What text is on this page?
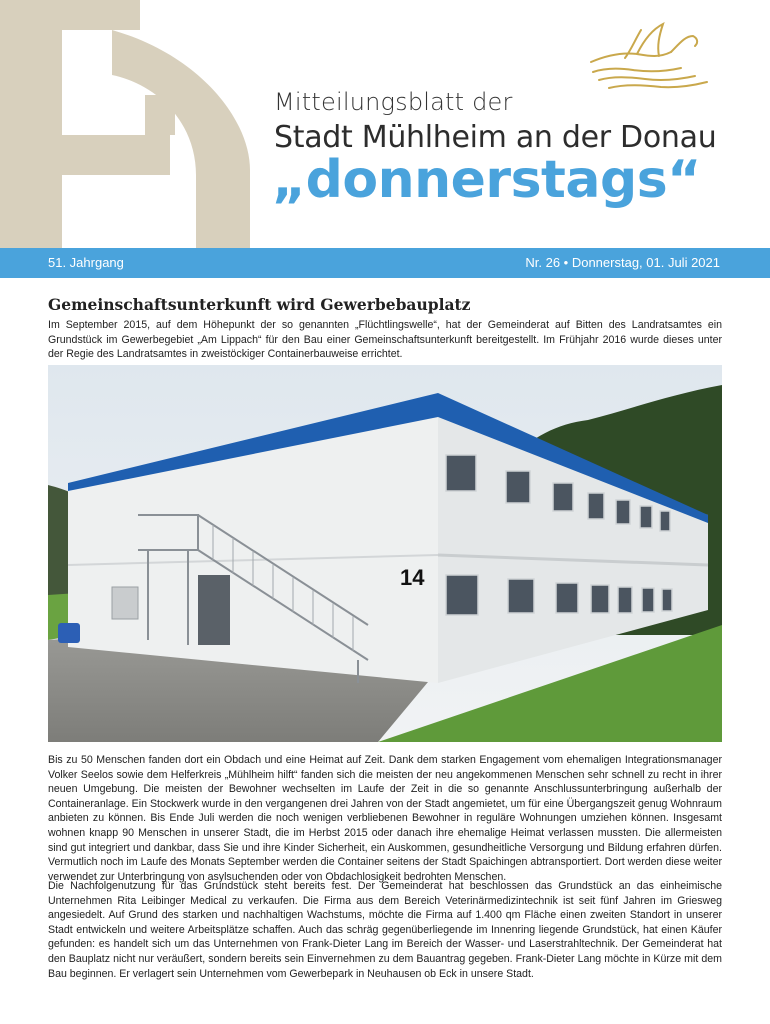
Mitteilungsblatt der

Stadt Mühlheim an der Donau

„donnerstags“

51. Jahrgang	Nr. 26 • Donnerstag, 01. Juli 2021
Gemeinschaftsunterkunft wird Gewerbebauplatz

Im September 2015, auf dem Höhepunkt der so genannten „Flüchtlingswelle“, hat der Gemeinderat auf Bitten des Landratsamtes ein Grundstück im Gewerbegebiet „Am Lippach“ für den Bau einer Gemeinschaftsunterkunft bereitgestellt. Im Frühjahr 2016 wurde dieses unter der Regie des Landratsamtes in zweistöckiger Containerbauweise errichtet.

14

Bis zu 50 Menschen fanden dort ein Obdach und eine Heimat auf Zeit. Dank dem starken Engagement vom ehemaligen Integrationsmanager Volker Seelos sowie dem Helferkreis „Mühlheim hilft“ fanden sich die meisten der neu angekommenen Menschen sehr schnell zu recht in ihrer neuen Umgebung. Die meisten der Bewohner wechselten im Laufe der Zeit in die so genannte Anschlussunterbringung außerhalb der Containeranlage. Ein Stockwerk wurde in den vergangenen drei Jahren von der Stadt angemietet, um für eine Übergangszeit genug Wohnraum anbieten zu können. Bis Ende Juli werden die noch wenigen verbliebenen Bewohner in reguläre Wohnungen umziehen können. Insgesamt wohnen knapp 90 Menschen in unserer Stadt, die im Herbst 2015 oder danach ihre ehemalige Heimat verlassen mussten. Die allermeisten sind gut integriert und dankbar, dass Sie und ihre Kinder Sicherheit, ein Auskommen, gesundheitliche Versorgung und Bildung erfahren dürfen. Vermutlich noch im Laufe des Monats September werden die Container seitens der Stadt Spaichingen abtransportiert. Dort werden diese weiter verwendet zur Unterbringung von asylsuchenden oder von Obdachlosigkeit bedrohten Menschen.

Die Nachfolgenutzung für das Grundstück steht bereits fest. Der Gemeinderat hat beschlossen das Grundstück an das einheimische Unternehmen Rita Leibinger Medical zu verkaufen. Die Firma aus dem Bereich Veterinärmedizintechnik ist seit fünf Jahren im Griesweg angesiedelt. Auf Grund des starken und nachhaltigen Wachstums, möchte die Firma auf 1.400 qm Fläche einen zweiten Standort in unserer Stadt entwickeln und weitere Arbeitsplätze schaffen. Auch das schräg gegenüberliegende im Innenring liegende Grundstück, hat einen Käufer gefunden: es handelt sich um das Unternehmen von Frank-Dieter Lang im Bereich der Wasser- und Laserstrahltechnik. Der Gemeinderat hat den Bauplatz nicht nur veräußert, sondern bereits sein Einvernehmen zu dem Bauantrag gegeben. Frank-Dieter Lang möchte in Kürze mit dem Bau beginnen. Er verlagert sein Unternehmen vom Gewerbepark in Neuhausen ob Eck in unsere Stadt.
